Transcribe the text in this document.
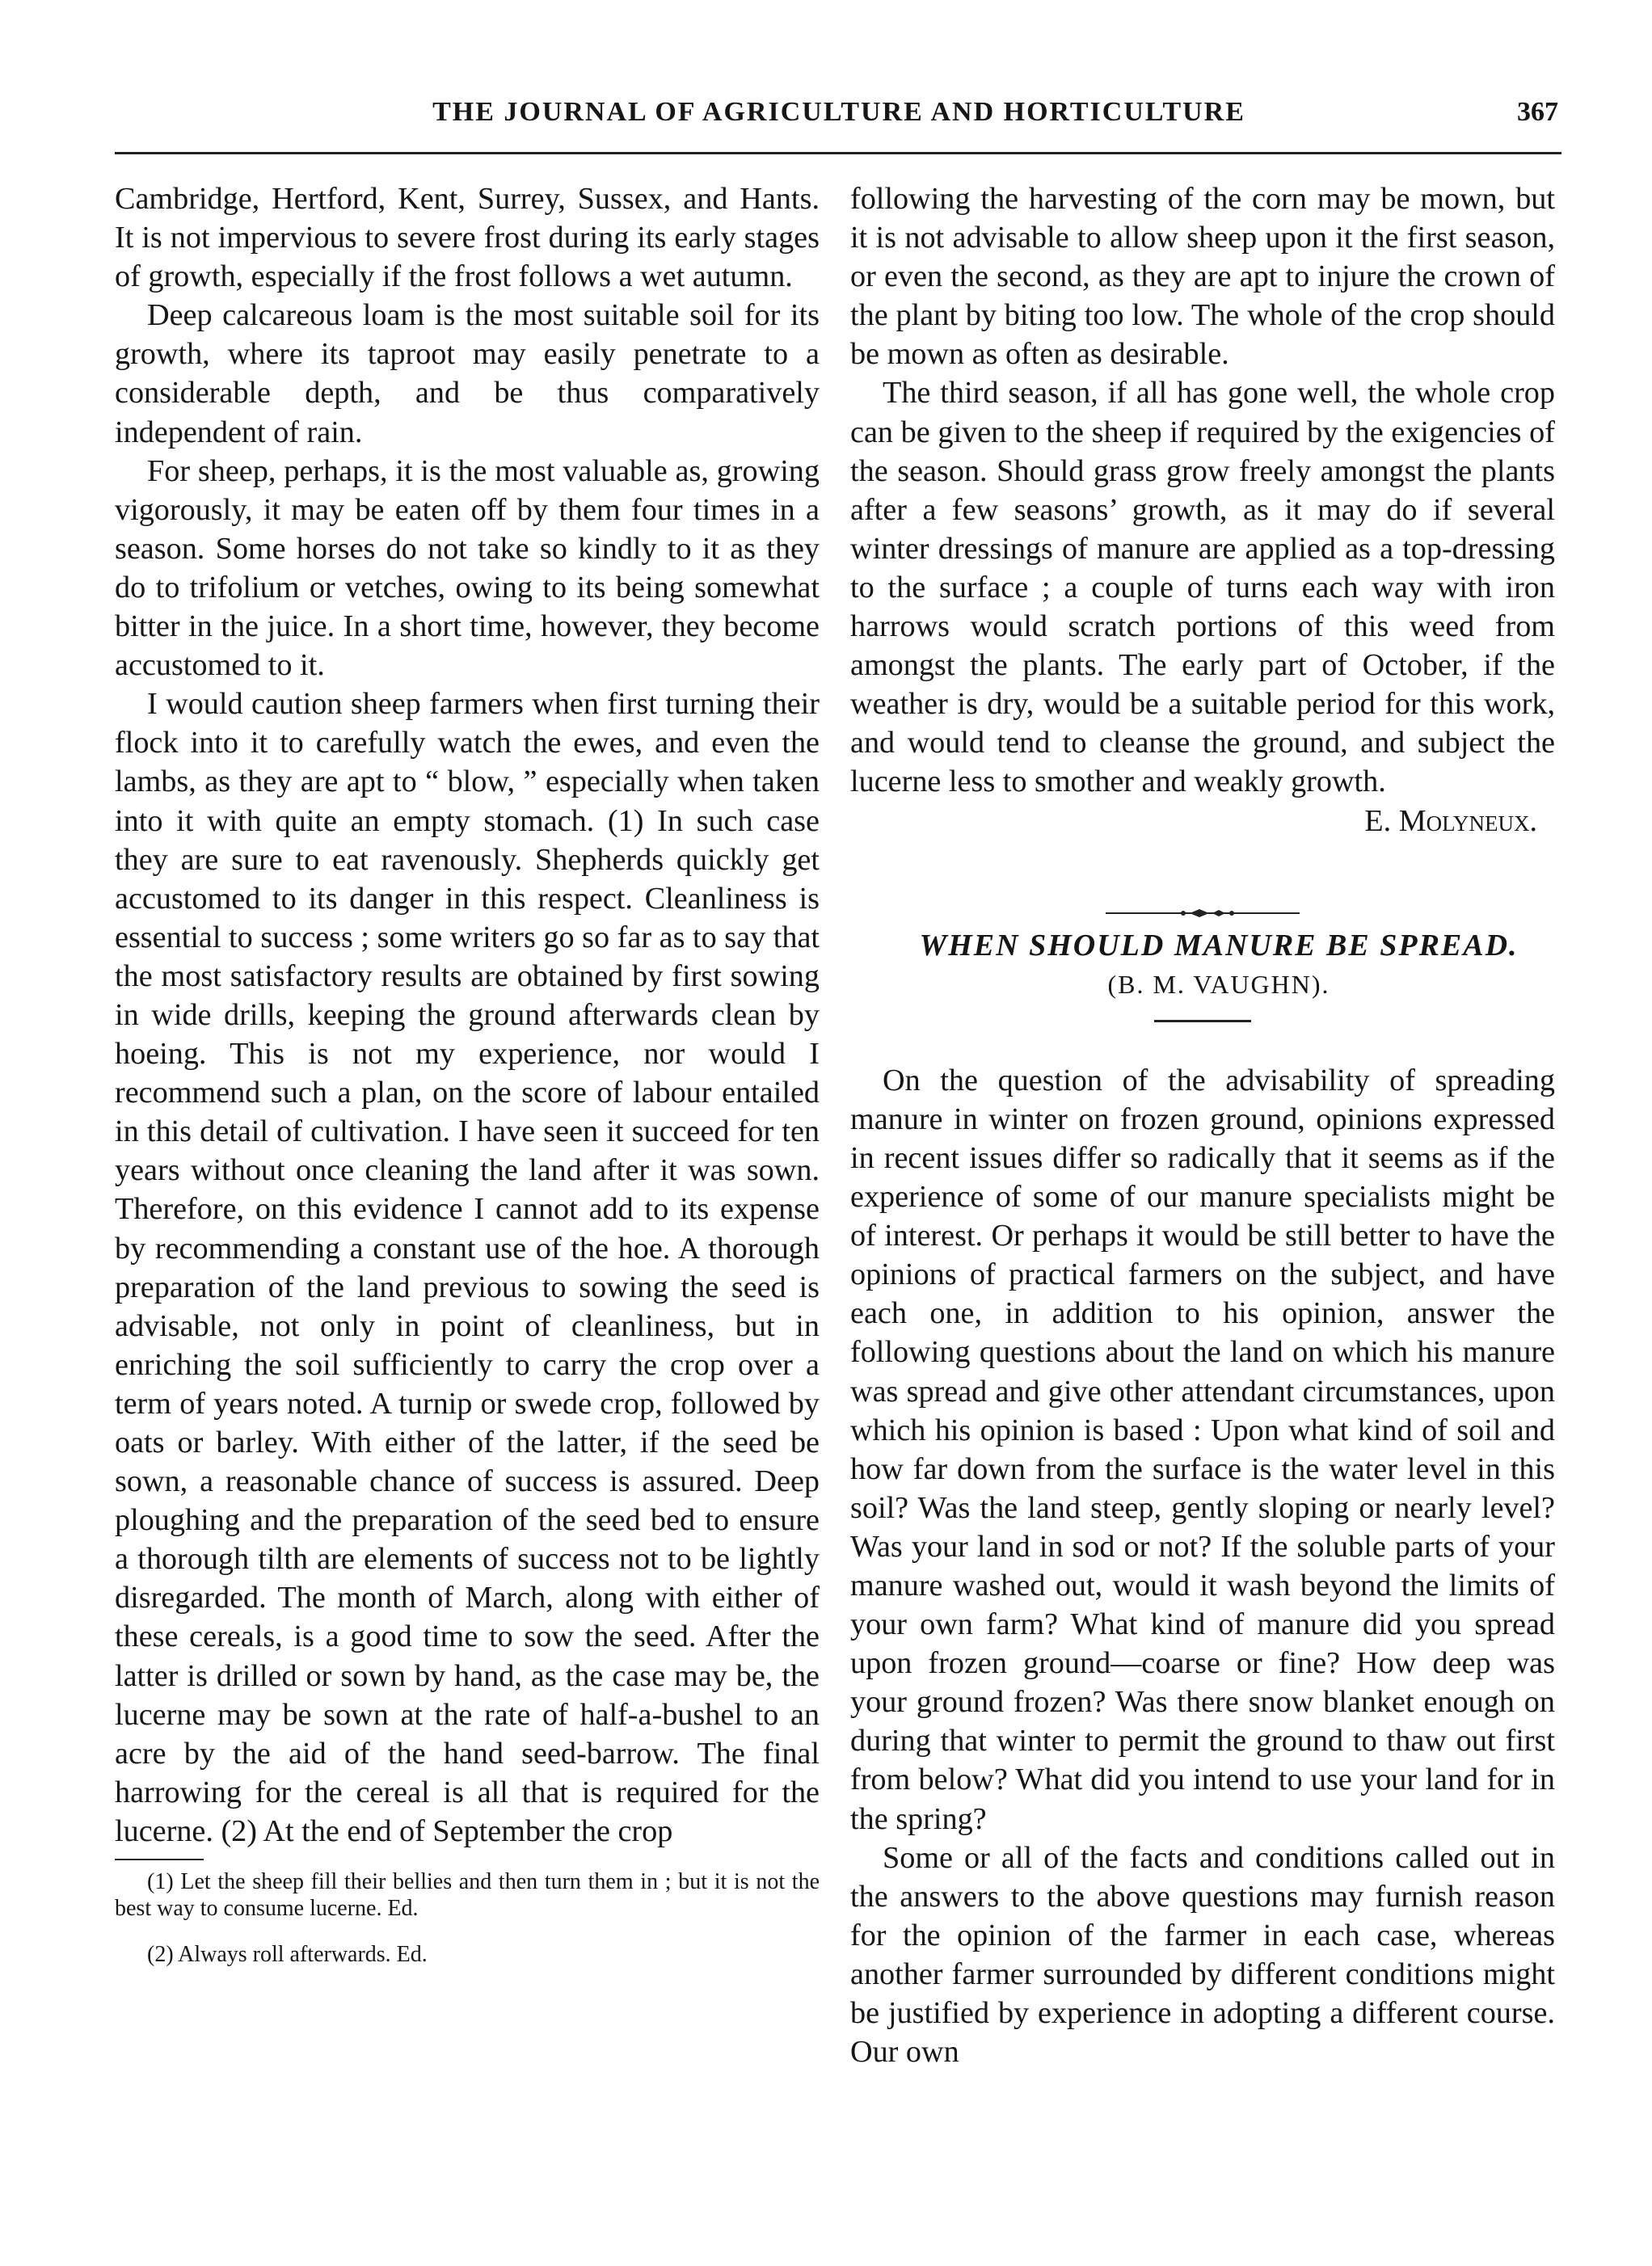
THE JOURNAL OF AGRICULTURE AND HORTICULTURE	367

Cambridge, Hertford, Kent, Surrey, Sussex, and Hants. It is not impervious to severe frost during its early stages of growth, especially if the frost follows a wet autumn.

Deep calcareous loam is the most suitable soil for its growth, where its taproot may easily penetrate to a considerable depth, and be thus comparatively independent of rain.

For sheep, perhaps, it is the most valuable as, growing vigorously, it may be eaten off by them four times in a season. Some horses do not take so kindly to it as they do to trifolium or vetches, owing to its being somewhat bitter in the juice. In a short time, however, they become accustomed to it.

I would caution sheep farmers when first turning their flock into it to carefully watch the ewes, and even the lambs, as they are apt to “ blow, ” especially when taken into it with quite an empty stomach. (1) In such case they are sure to eat ravenously. Shepherds quickly get accustomed to its danger in this respect. Cleanliness is essential to success ; some writers go so far as to say that the most satisfactory results are obtained by first sowing in wide drills, keeping the ground afterwards clean by hoeing. This is not my experience, nor would I recommend such a plan, on the score of labour entailed in this detail of cultivation. I have seen it succeed for ten years without once cleaning the land after it was sown. Therefore, on this evidence I cannot add to its expense by recommending a constant use of the hoe. A thorough preparation of the land previous to sowing the seed is advisable, not only in point of cleanliness, but in enriching the soil sufficiently to carry the crop over a term of years noted. A turnip or swede crop, followed by oats or barley. With either of the latter, if the seed be sown, a reasonable chance of success is assured. Deep ploughing and the preparation of the seed bed to ensure a thorough tilth are elements of success not to be lightly disregarded. The month of March, along with either of these cereals, is a good time to sow the seed. After the latter is drilled or sown by hand, as the case may be, the lucerne may be sown at the rate of half-a-bushel to an acre by the aid of the hand seed-barrow. The final harrowing for the cereal is all that is required for the lucerne. (2) At the end of September the crop

(1) Let the sheep fill their bellies and then turn them in ; but it is not the best way to consume lucerne. Ed.

(2) Always roll afterwards. Ed.

following the harvesting of the corn may be mown, but it is not advisable to allow sheep upon it the first season, or even the second, as they are apt to injure the crown of the plant by biting too low. The whole of the crop should be mown as often as desirable.

The third season, if all has gone well, the whole crop can be given to the sheep if required by the exigencies of the season. Should grass grow freely amongst the plants after a few seasons’ growth, as it may do if several winter dressings of manure are applied as a top-dressing to the surface ; a couple of turns each way with iron harrows would scratch portions of this weed from amongst the plants. The early part of October, if the weather is dry, would be a suitable period for this work, and would tend to cleanse the ground, and subject the lucerne less to smother and weakly growth.

E. Molyneux.

WHEN SHOULD MANURE BE SPREAD.

(B. M. VAUGHN).

On the question of the advisability of spreading manure in winter on frozen ground, opinions expressed in recent issues differ so radically that it seems as if the experience of some of our manure specialists might be of interest. Or perhaps it would be still better to have the opinions of practical farmers on the subject, and have each one, in addition to his opinion, answer the following questions about the land on which his manure was spread and give other attendant circumstances, upon which his opinion is based : Upon what kind of soil and how far down from the surface is the water level in this soil? Was the land steep, gently sloping or nearly level? Was your land in sod or not? If the soluble parts of your manure washed out, would it wash beyond the limits of your own farm? What kind of manure did you spread upon frozen ground—coarse or fine? How deep was your ground frozen? Was there snow blanket enough on during that winter to permit the ground to thaw out first from below? What did you intend to use your land for in the spring?

Some or all of the facts and conditions called out in the answers to the above questions may furnish reason for the opinion of the farmer in each case, whereas another farmer surrounded by different conditions might be justified by experience in adopting a different course. Our own
